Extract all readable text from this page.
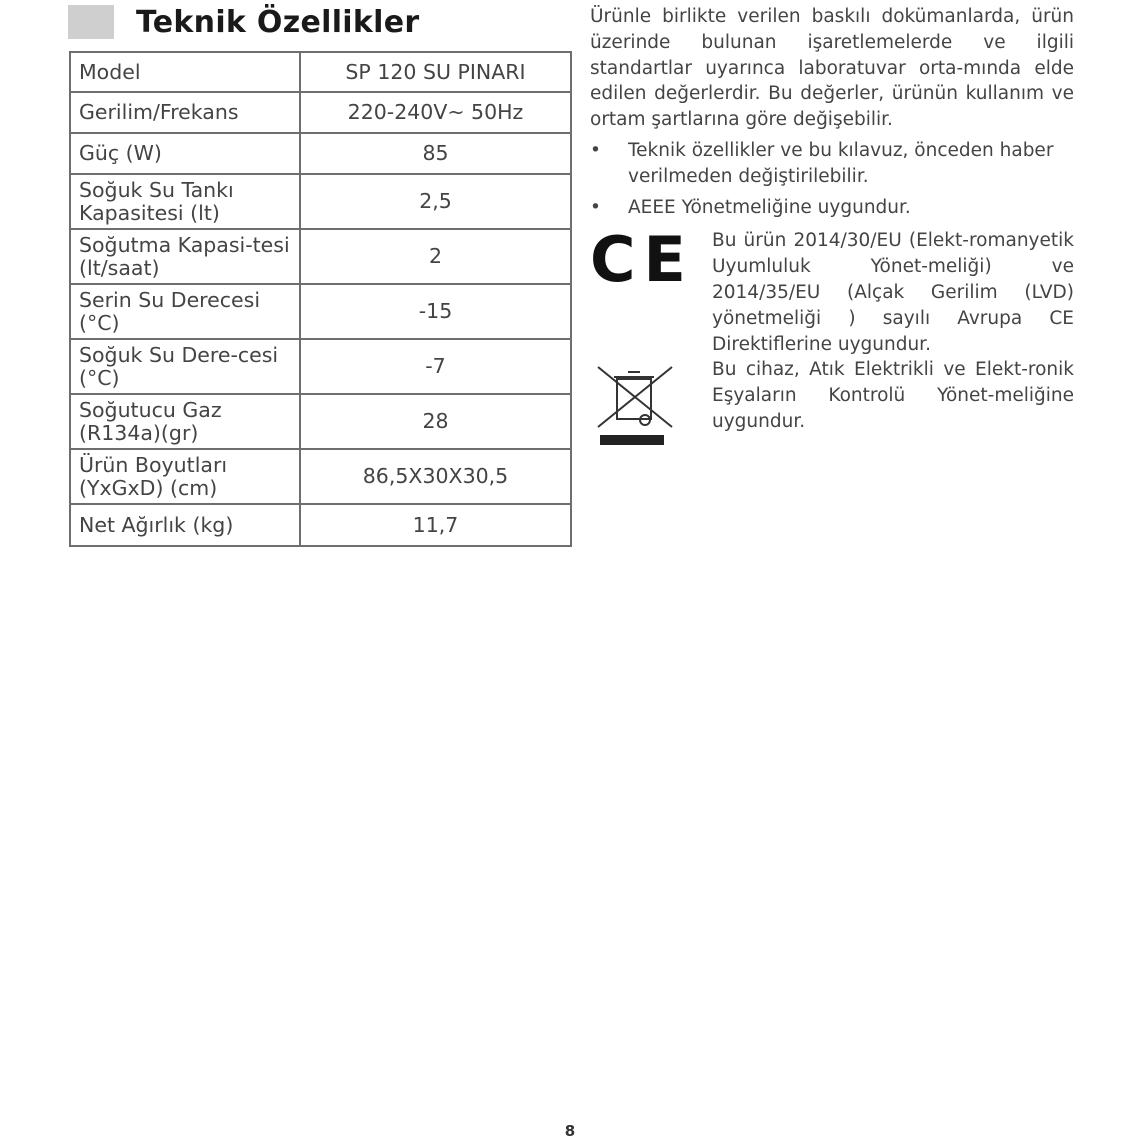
Teknik Özellikler
Model	SP 120 SU PINARI
Gerilim/Frekans	220-240V~ 50Hz
Güç (W)	85
Soğuk Su Tankı Kapasitesi (lt)	2,5
Soğutma Kapasi-tesi (lt/saat)	2
Serin Su Derecesi (°C)	-15
Soğuk Su Dere-cesi (°C)	-7
Soğutucu Gaz (R134a)(gr)	28
Ürün Boyutları (YxGxD) (cm)	86,5X30X30,5
Net Ağırlık (kg)	11,7
Ürünle birlikte verilen baskılı dokümanlarda, ürün üzerinde bulunan işaretlemelerde ve ilgili standartlar uyarınca laboratuvar orta-mında elde edilen değerlerdir. Bu değerler, ürünün kullanım ve ortam şartlarına göre değişebilir.
• Teknik özellikler ve bu kılavuz, önceden haber verilmeden değiştirilebilir.
• AEEE Yönetmeliğine uygundur.
CE Bu ürün 2014/30/EU (Elekt-romanyetik Uyumluluk Yönet-meliği) ve 2014/35/EU (Alçak Gerilim (LVD) yönetmeliği ) sayılı Avrupa CE Direktiflerine uygundur.
Bu cihaz, Atık Elektrikli ve Elekt-ronik Eşyaların Kontrolü Yönet-meliğine uygundur.
8
